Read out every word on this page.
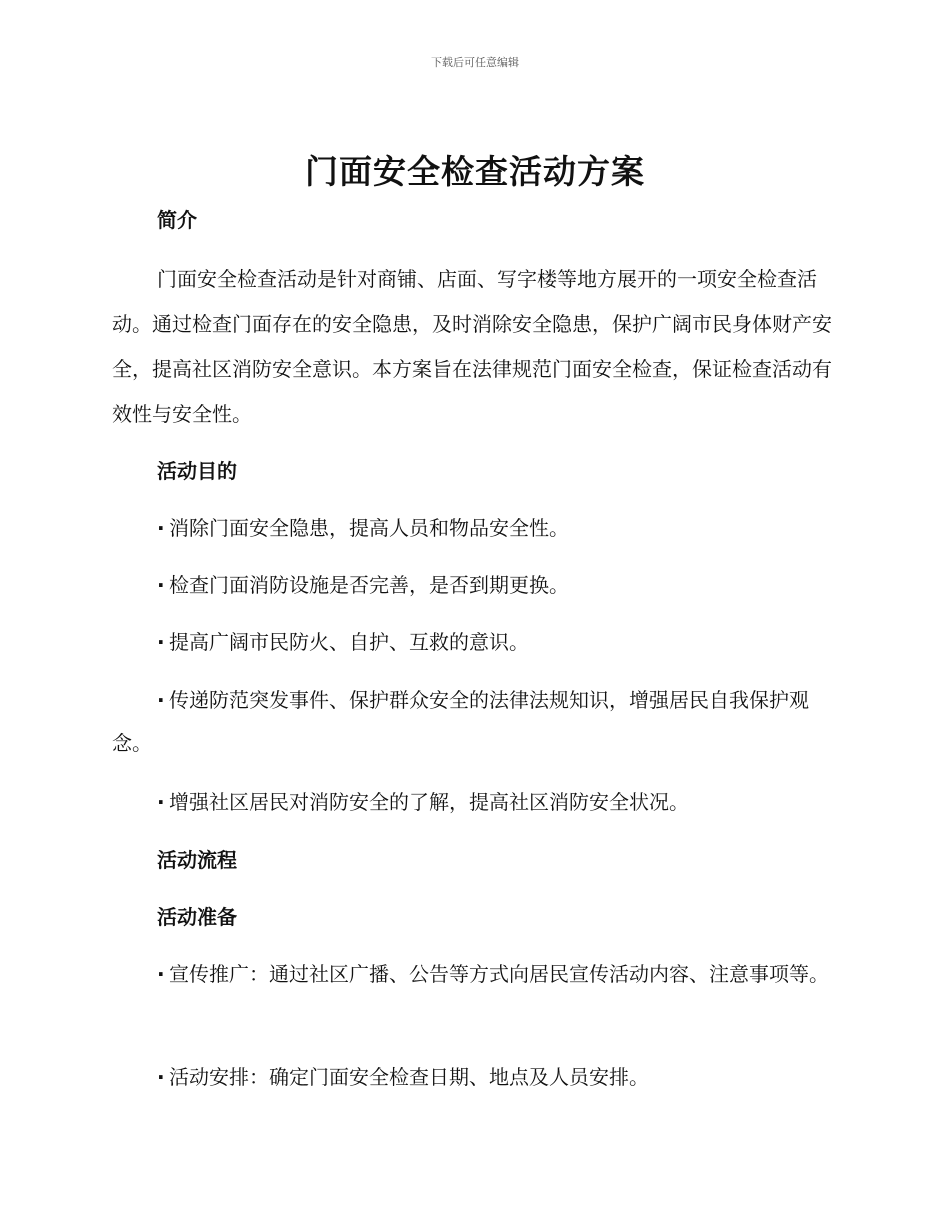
下载后可任意编辑
门面安全检查活动方案
简介

门面安全检查活动是针对商铺、店面、写字楼等地方展开的一项安全检查活动。通过检查门面存在的安全隐患，及时消除安全隐患，保护广阔市民身体财产安全，提高社区消防安全意识。本方案旨在法律规范门面安全检查，保证检查活动有效性与安全性。

活动目的

· 消除门面安全隐患，提高人员和物品安全性。

· 检查门面消防设施是否完善，是否到期更换。

· 提高广阔市民防火、自护、互救的意识。

· 传递防范突发事件、保护群众安全的法律法规知识，增强居民自我保护观念。

· 增强社区居民对消防安全的了解，提高社区消防安全状况。

活动流程
活动准备

· 宣传推广：通过社区广播、公告等方式向居民宣传活动内容、注意事项等。

· 活动安排：确定门面安全检查日期、地点及人员安排。
